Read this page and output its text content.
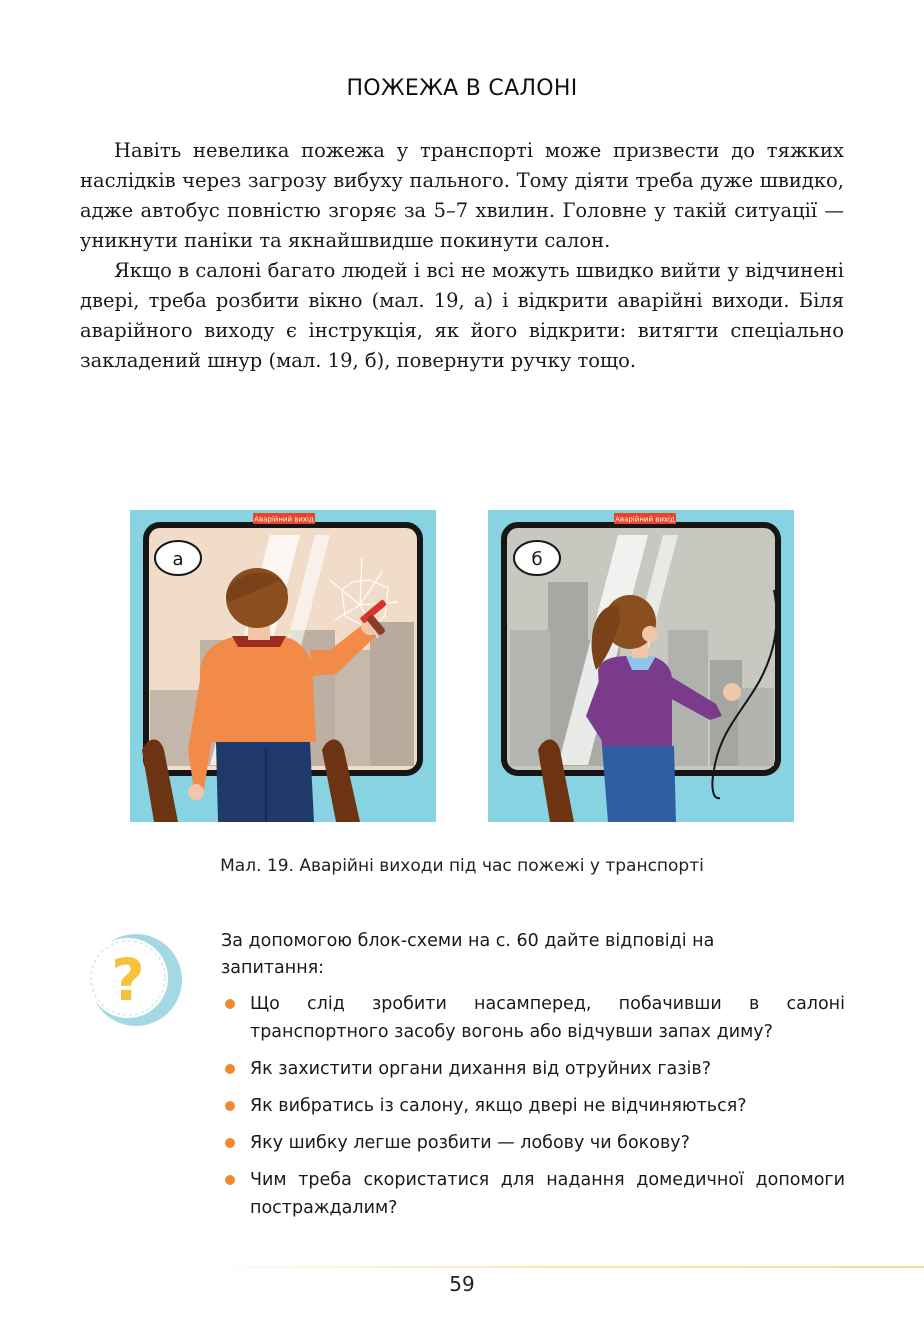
ПОЖЕЖА В САЛОНІ

Навіть невелика пожежа у транспорті може призвести до тяжких наслідків через загрозу вибуху пального. Тому діяти треба дуже швидко, адже автобус повністю згоряє за 5–7 хвилин. Головне у такій ситуації — уникнути паніки та якнайшвидше покинути салон.

Якщо в салоні багато людей і всі не можуть швидко вийти у відчинені двері, треба розбити вікно (мал. 19, а) і відкрити аварійні виходи. Біля аварійного виходу є інструкція, як його відкрити: витягти спеціально закладений шнур (мал. 19, б), повернути ручку тощо.

Аварійний вихід
а
Аварійний вихід
б
Мал. 19. Аварійні виходи під час пожежі у транспорті
?
За допомогою блок-схеми на с. 60 дайте відповіді на запитання:
Що слід зробити насамперед, побачивши в салоні транспортного засобу вогонь або відчувши запах диму?
Як захистити органи дихання від отруйних газів?
Як вибратись із салону, якщо двері не відчиняються?
Яку шибку легше розбити — лобову чи бокову?
Чим треба скористатися для надання домедичної допомоги постраждалим?
59
